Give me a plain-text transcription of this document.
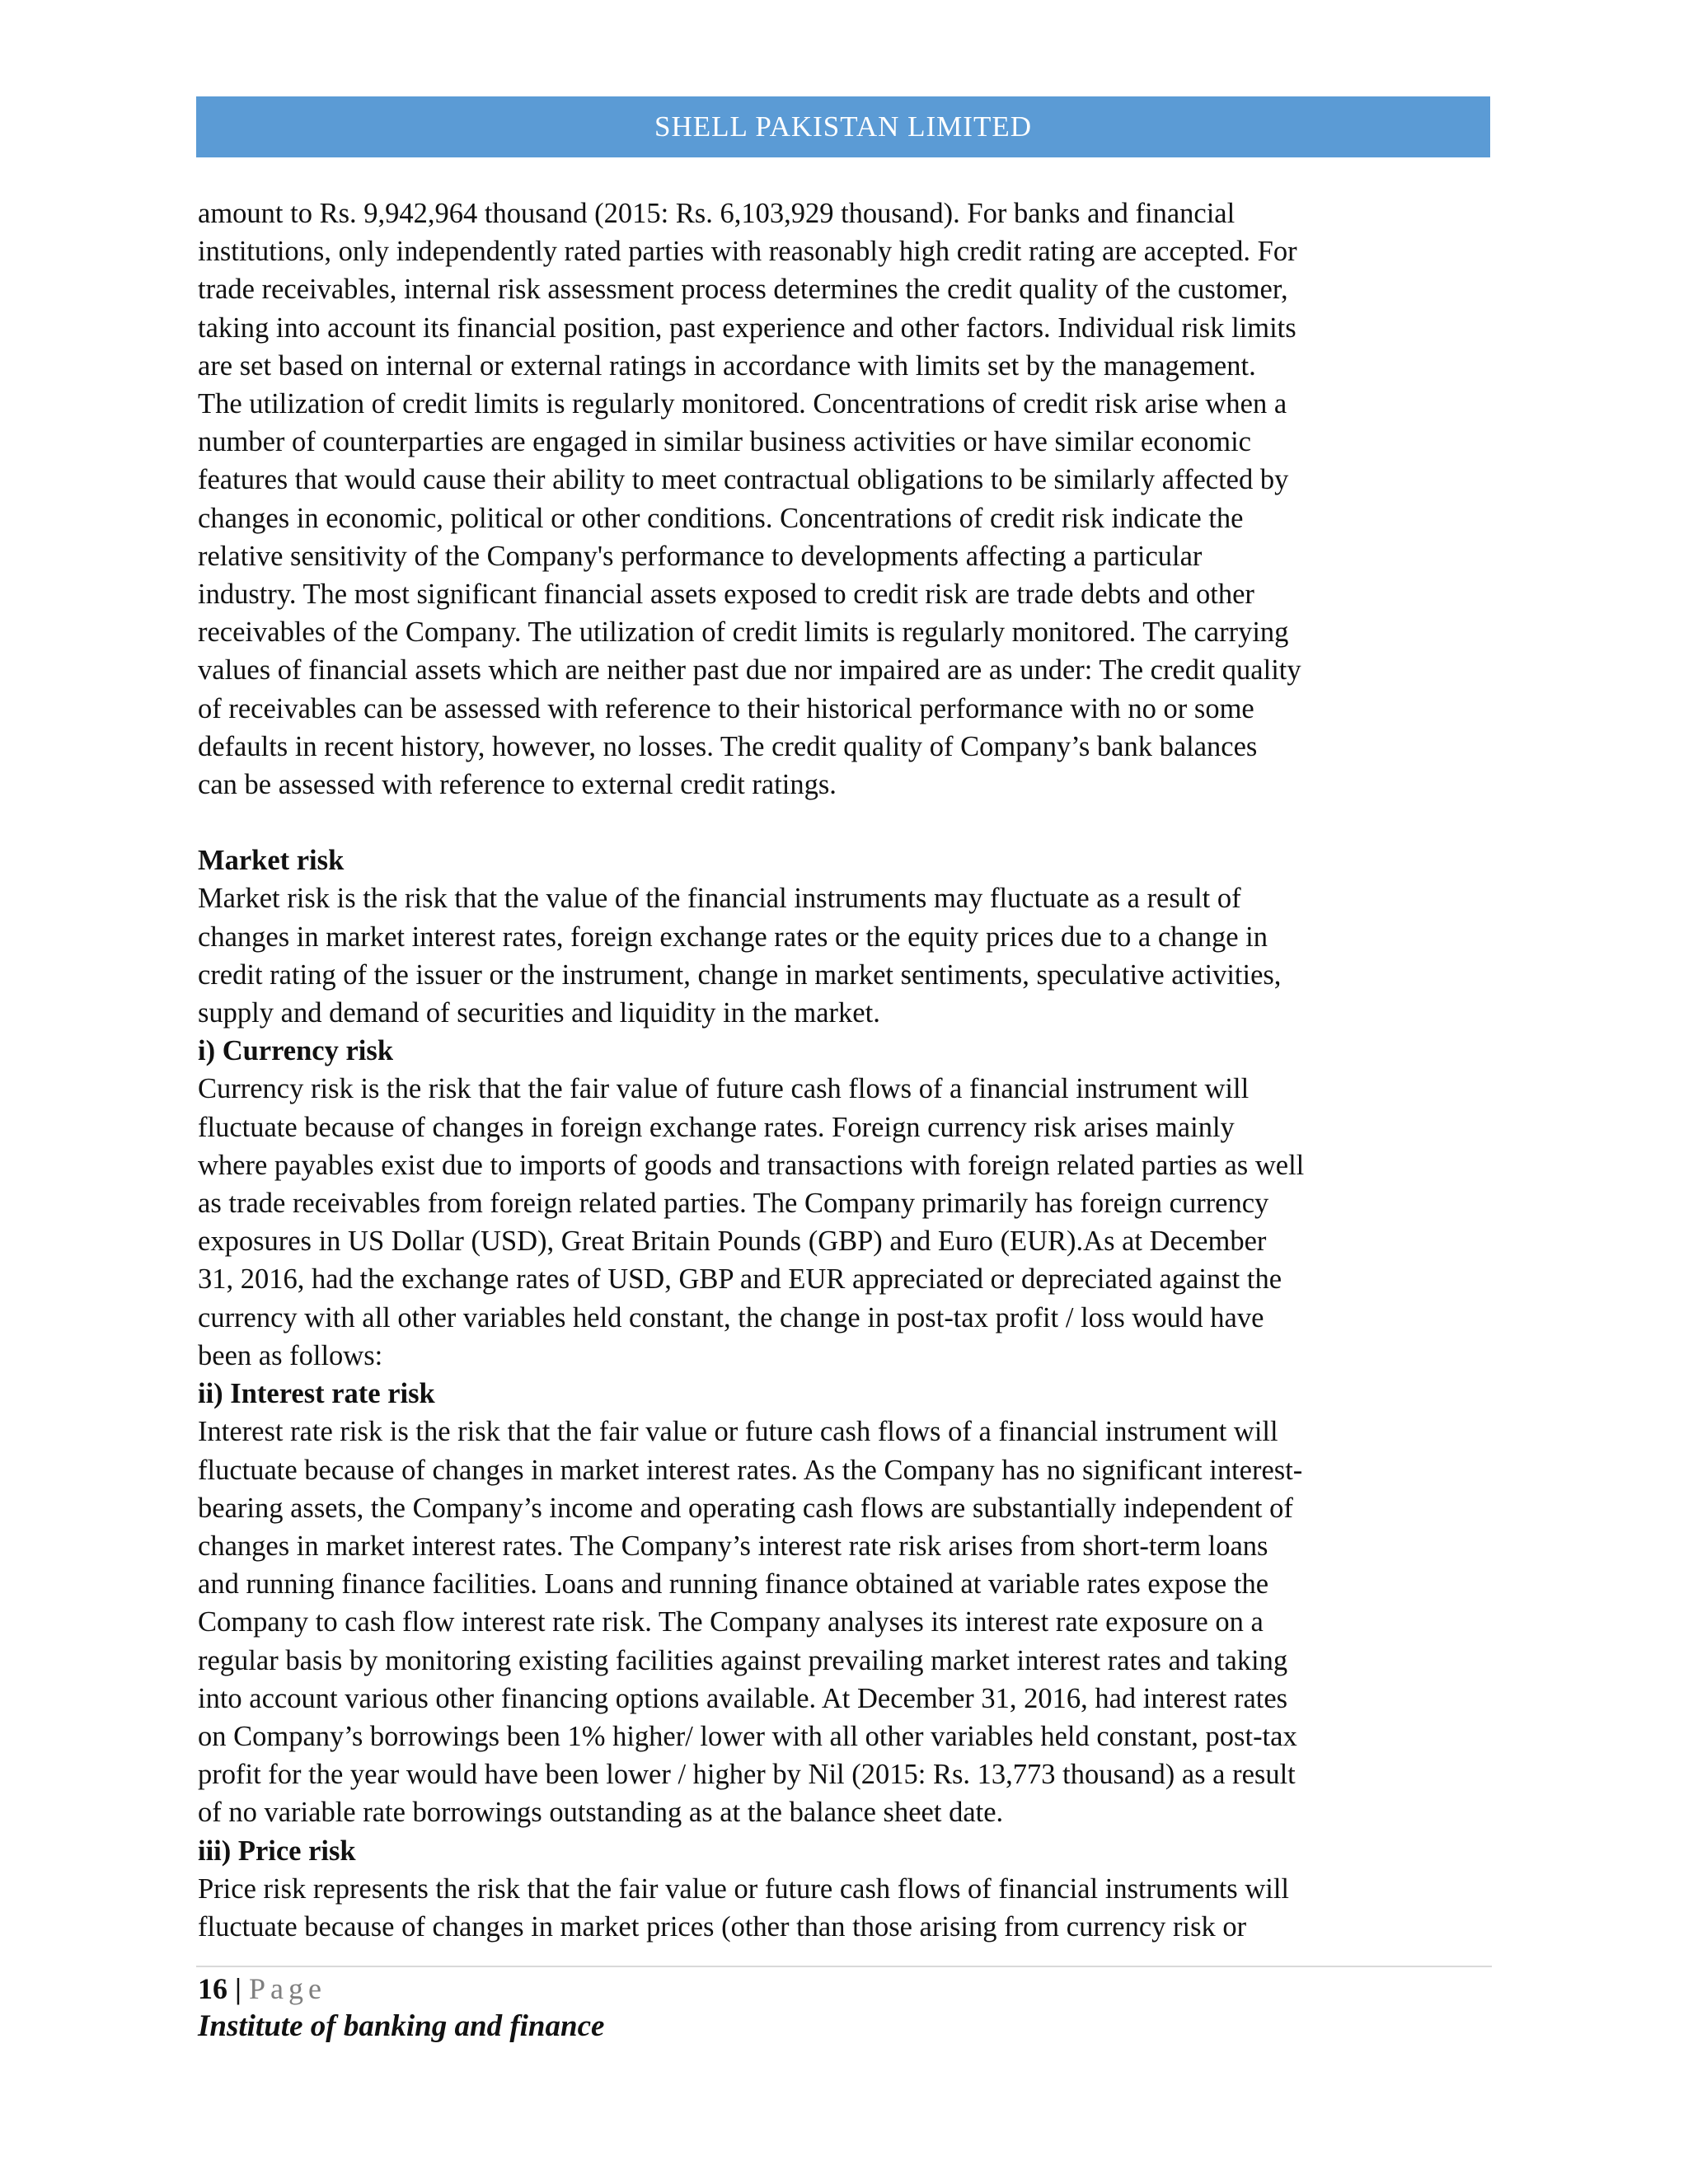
SHELL PAKISTAN LIMITED

amount to Rs. 9,942,964 thousand (2015: Rs. 6,103,929 thousand). For banks and financial

institutions, only independently rated parties with reasonably high credit rating are accepted. For

trade receivables, internal risk assessment process determines the credit quality of the customer,

taking into account its financial position, past experience and other factors. Individual risk limits

are set based on internal or external ratings in accordance with limits set by the management.

The utilization of credit limits is regularly monitored. Concentrations of credit risk arise when a

number of counterparties are engaged in similar business activities or have similar economic

features that would cause their ability to meet contractual obligations to be similarly affected by

changes in economic, political or other conditions. Concentrations of credit risk indicate the

relative sensitivity of the Company's performance to developments affecting a particular

industry. The most significant financial assets exposed to credit risk are trade debts and other

receivables of the Company. The utilization of credit limits is regularly monitored. The carrying

values of financial assets which are neither past due nor impaired are as under: The credit quality

of receivables can be assessed with reference to their historical performance with no or some

defaults in recent history, however, no losses. The credit quality of Company’s bank balances

can be assessed with reference to external credit ratings.

Market risk

Market risk is the risk that the value of the financial instruments may fluctuate as a result of

changes in market interest rates, foreign exchange rates or the equity prices due to a change in

credit rating of the issuer or the instrument, change in market sentiments, speculative activities,

supply and demand of securities and liquidity in the market.

i) Currency risk

Currency risk is the risk that the fair value of future cash flows of a financial instrument will

fluctuate because of changes in foreign exchange rates. Foreign currency risk arises mainly

where payables exist due to imports of goods and transactions with foreign related parties as well

as trade receivables from foreign related parties. The Company primarily has foreign currency

exposures in US Dollar (USD), Great Britain Pounds (GBP) and Euro (EUR).As at December

31, 2016, had the exchange rates of USD, GBP and EUR appreciated or depreciated against the

currency with all other variables held constant, the change in post-tax profit / loss would have

been as follows:

ii) Interest rate risk

Interest rate risk is the risk that the fair value or future cash flows of a financial instrument will

fluctuate because of changes in market interest rates. As the Company has no significant interest-

bearing assets, the Company’s income and operating cash flows are substantially independent of

changes in market interest rates. The Company’s interest rate risk arises from short-term loans

and running finance facilities. Loans and running finance obtained at variable rates expose the

Company to cash flow interest rate risk. The Company analyses its interest rate exposure on a

regular basis by monitoring existing facilities against prevailing market interest rates and taking

into account various other financing options available. At December 31, 2016, had interest rates

on Company’s borrowings been 1% higher/ lower with all other variables held constant, post-tax

profit for the year would have been lower / higher by Nil (2015: Rs. 13,773 thousand) as a result

of no variable rate borrowings outstanding as at the balance sheet date.

iii) Price risk

Price risk represents the risk that the fair value or future cash flows of financial instruments will

fluctuate because of changes in market prices (other than those arising from currency risk or

16 | Page
Institute of banking and finance
